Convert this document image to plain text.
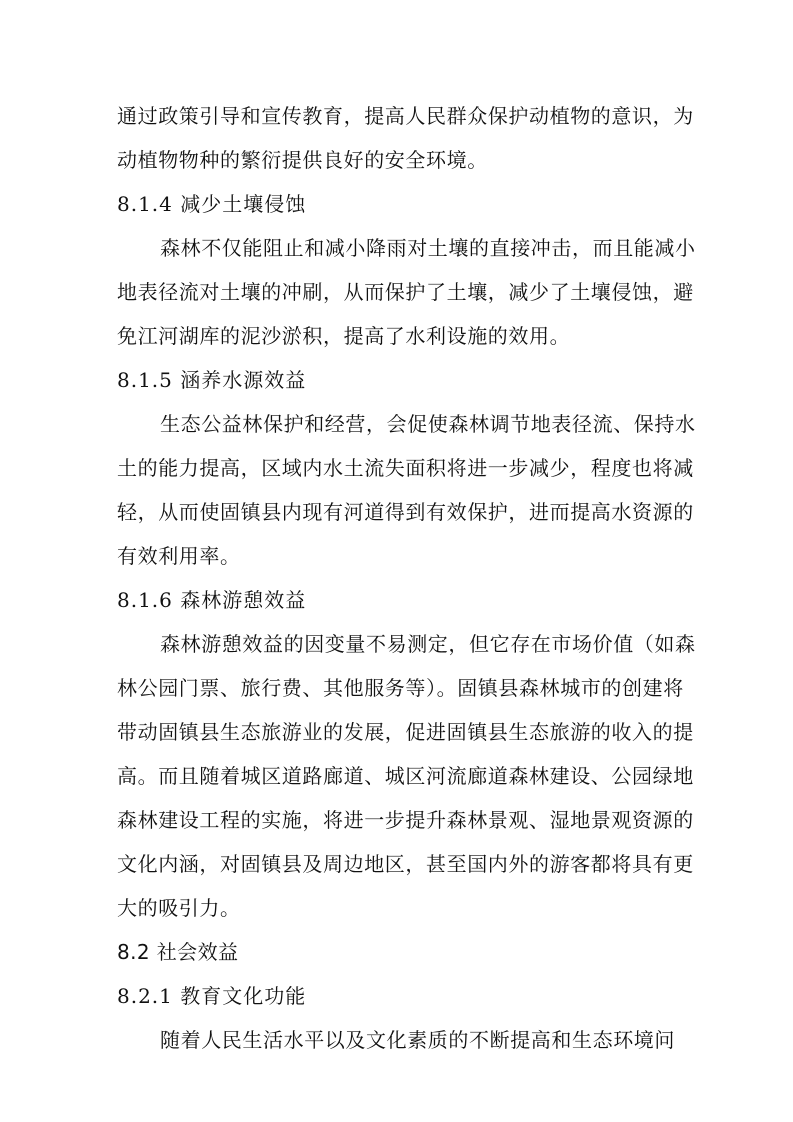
通过政策引导和宣传教育，提高人民群众保护动植物的意识，为
动植物物种的繁衍提供良好的安全环境。
8.1.4 减少土壤侵蚀
森林不仅能阻止和减小降雨对土壤的直接冲击，而且能减小
地表径流对土壤的冲刷，从而保护了土壤，减少了土壤侵蚀，避
免江河湖库的泥沙淤积，提高了水利设施的效用。
8.1.5 涵养水源效益
生态公益林保护和经营，会促使森林调节地表径流、保持水
土的能力提高，区域内水土流失面积将进一步减少，程度也将减
轻，从而使固镇县内现有河道得到有效保护，进而提高水资源的
有效利用率。
8.1.6 森林游憩效益
森林游憩效益的因变量不易测定，但它存在市场价值（如森
林公园门票、旅行费、其他服务等）。固镇县森林城市的创建将
带动固镇县生态旅游业的发展，促进固镇县生态旅游的收入的提
高。而且随着城区道路廊道、城区河流廊道森林建设、公园绿地
森林建设工程的实施，将进一步提升森林景观、湿地景观资源的
文化内涵，对固镇县及周边地区，甚至国内外的游客都将具有更
大的吸引力。
8.2 社会效益
8.2.1 教育文化功能
随着人民生活水平以及文化素质的不断提高和生态环境问
